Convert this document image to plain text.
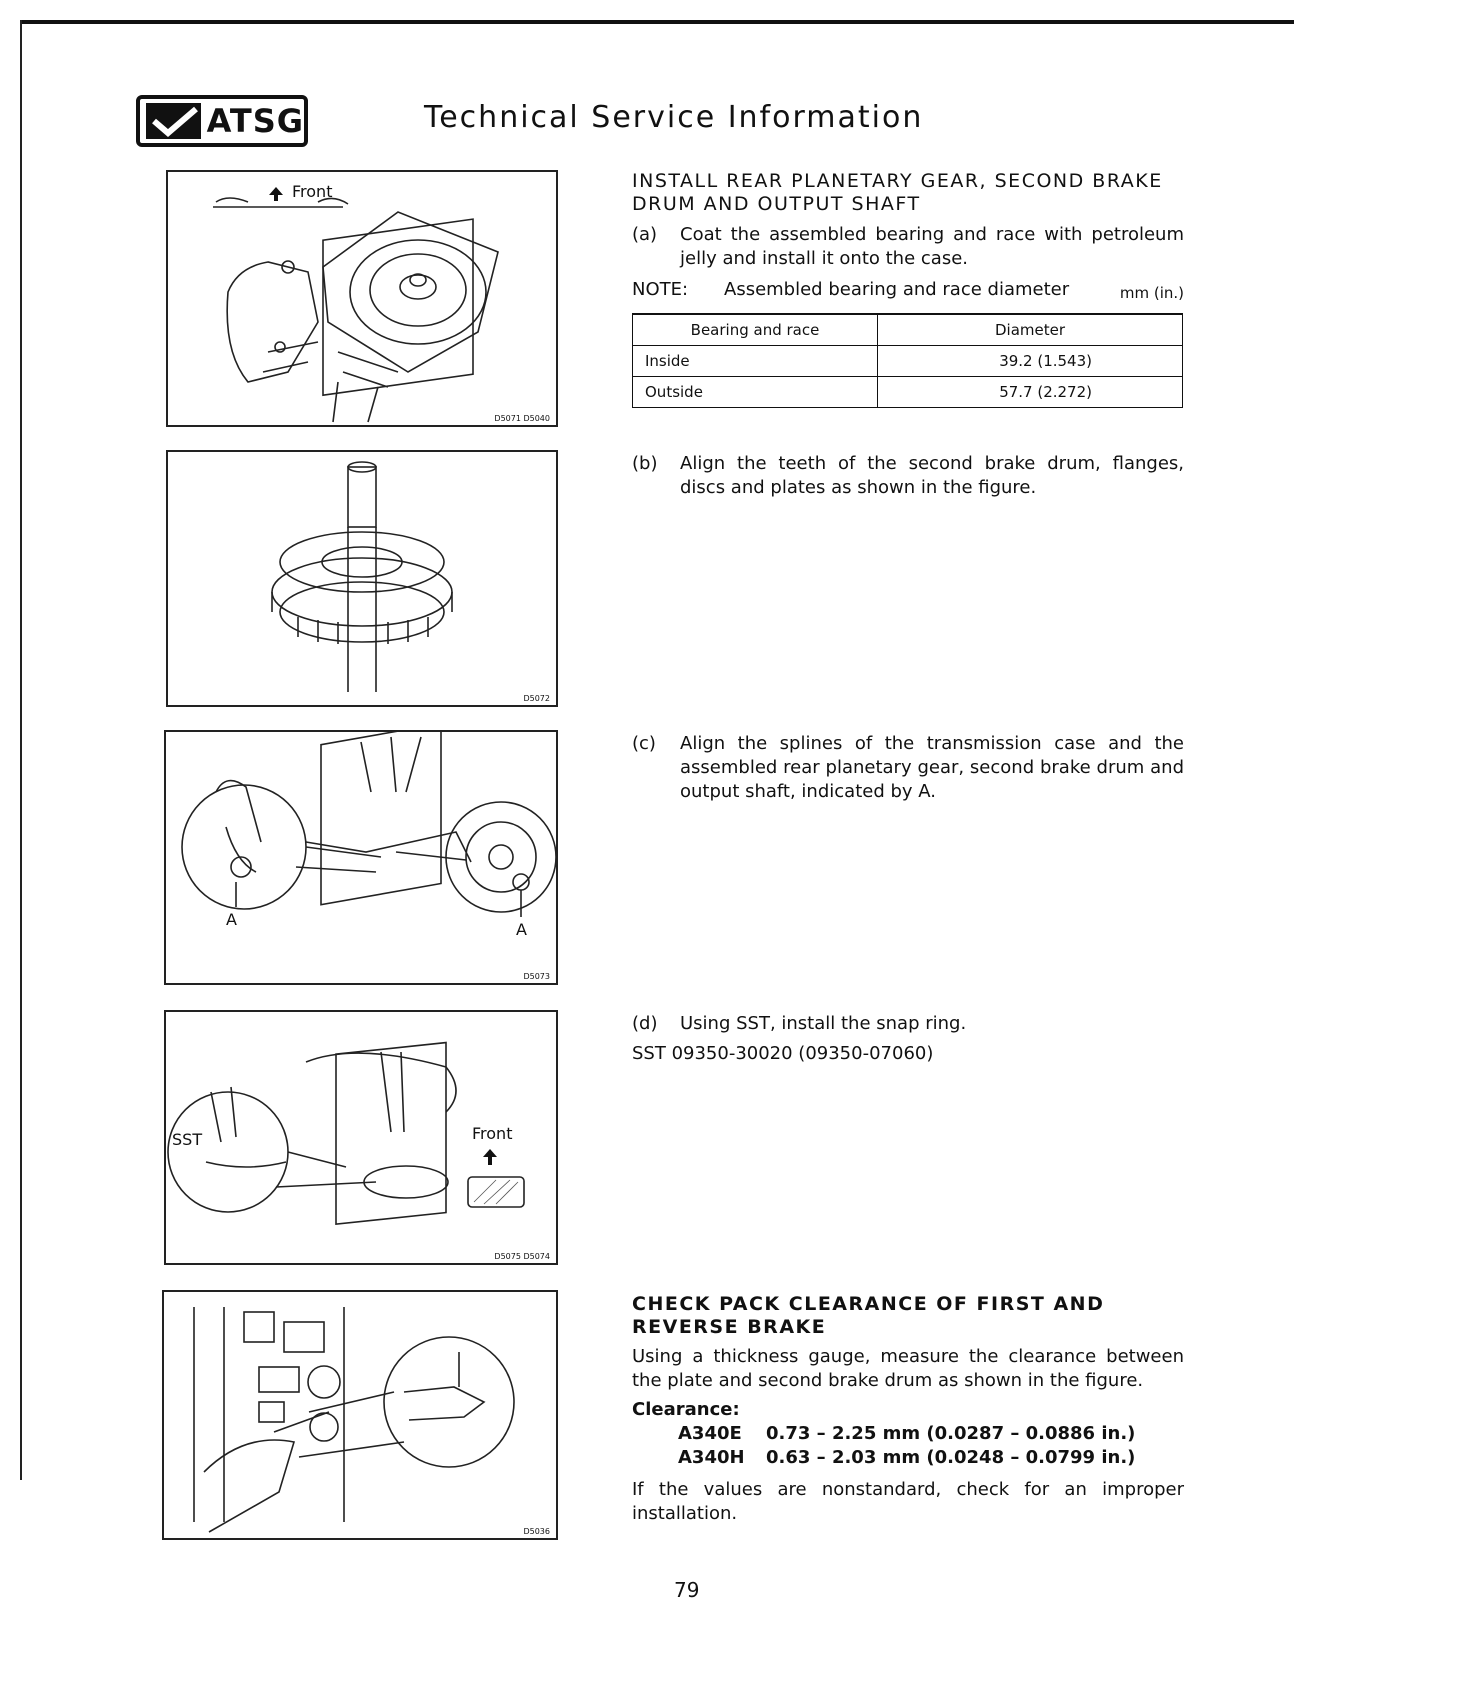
ATSG	Technical Service Information
Front
D5071 D5040
D5072
A
A
D5073
SST	Front
D5075 D5074
D5036
INSTALL REAR PLANETARY GEAR, SECOND BRAKE
DRUM AND OUTPUT SHAFT
(a)	Coat the assembled bearing and race with petroleum jelly and install it onto the case.
NOTE:	Assembled bearing and race diameter	mm (in.)
Bearing and race	Diameter
Inside	39.2 (1.543)
Outside	57.7 (2.272)
(b)	Align the teeth of the second brake drum, flanges, discs and plates as shown in the figure.
(c)	Align the splines of the transmission case and the assembled rear planetary gear, second brake drum and output shaft, indicated by A.
(d)	Using SST, install the snap ring.
SST 09350-30020 (09350-07060)
CHECK PACK CLEARANCE OF FIRST AND
REVERSE BRAKE
Using a thickness gauge, measure the clearance between the plate and second brake drum as shown in the figure.
Clearance:
A340E	0.73 – 2.25 mm (0.0287 – 0.0886 in.)
A340H	0.63 – 2.03 mm (0.0248 – 0.0799 in.)
If the values are nonstandard, check for an improper installation.
79
